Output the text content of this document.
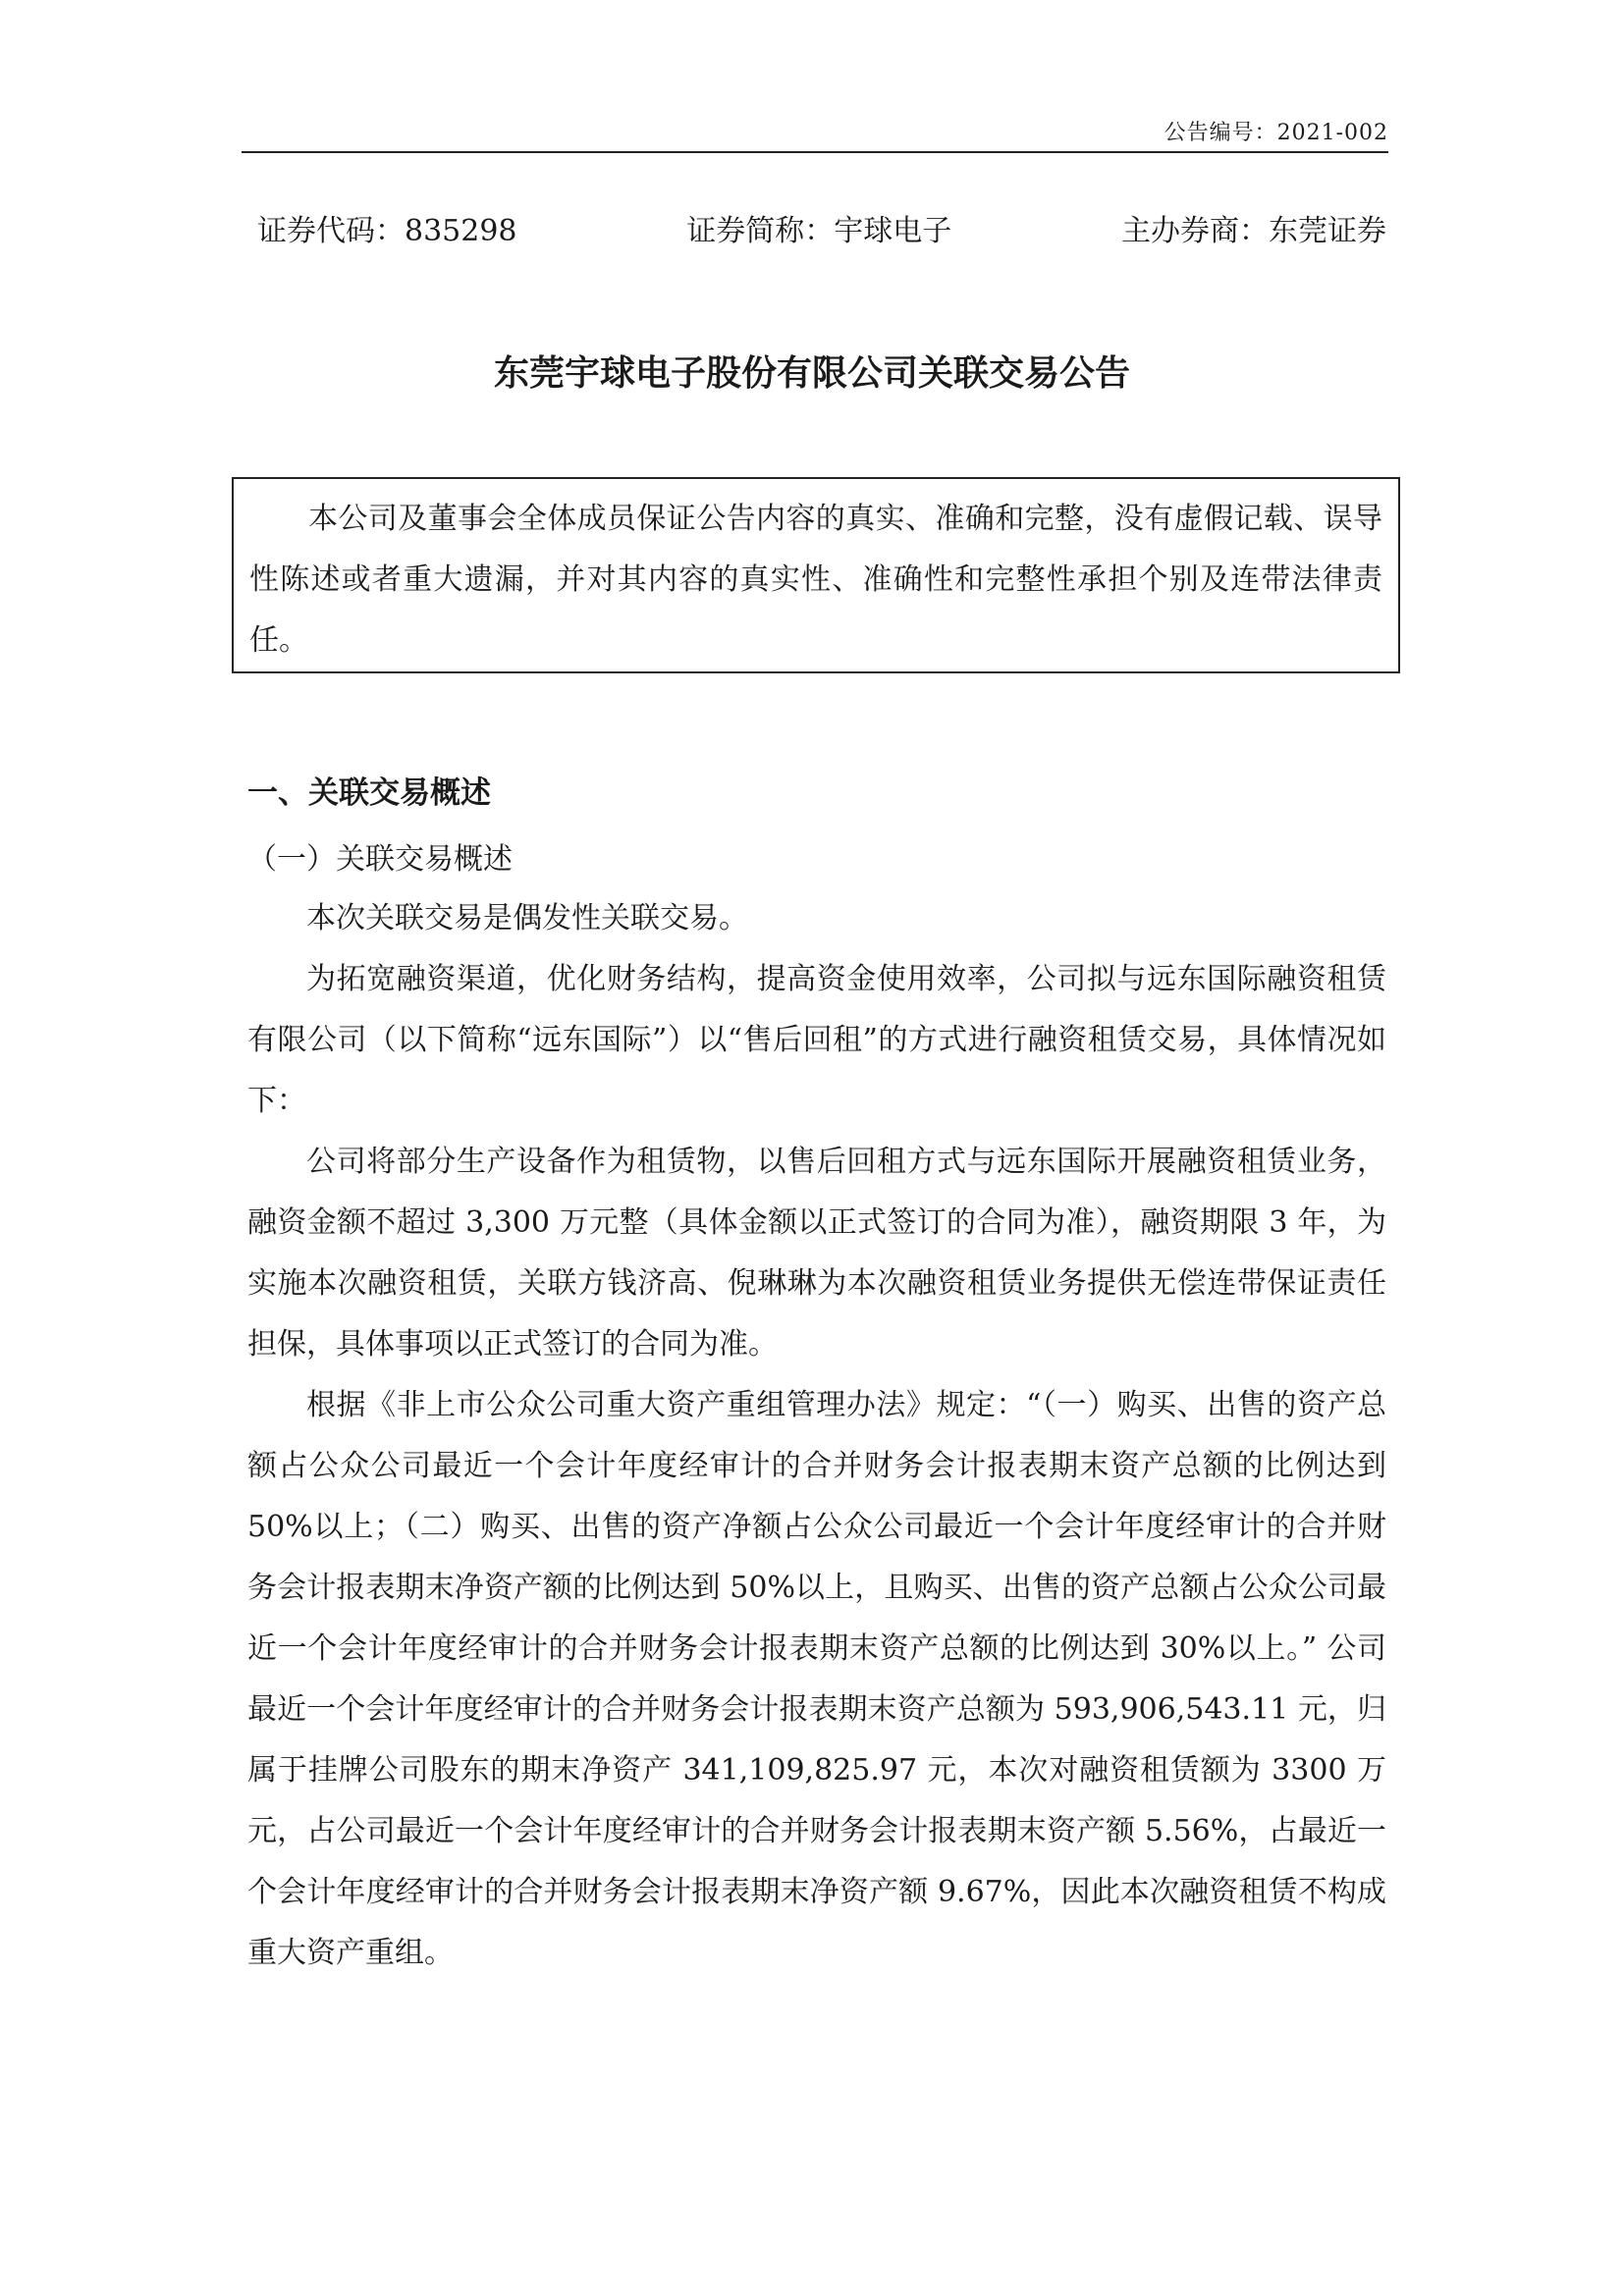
公告编号：2021-002
证券代码：835298	证券简称：宇球电子	主办券商：东莞证券
东莞宇球电子股份有限公司关联交易公告
本公司及董事会全体成员保证公告内容的真实、准确和完整，没有虚假记载、误导性陈述或者重大遗漏，并对其内容的真实性、准确性和完整性承担个别及连带法律责任。
一、关联交易概述
（一）关联交易概述

本次关联交易是偶发性关联交易。

为拓宽融资渠道，优化财务结构，提高资金使用效率，公司拟与远东国际融资租赁有限公司（以下简称“远东国际”）以“售后回租”的方式进行融资租赁交易，具体情况如下：

公司将部分生产设备作为租赁物，以售后回租方式与远东国际开展融资租赁业务，融资金额不超过 3,300 万元整（具体金额以正式签订的合同为准），融资期限 3 年，为实施本次融资租赁，关联方钱济高、倪琳琳为本次融资租赁业务提供无偿连带保证责任担保，具体事项以正式签订的合同为准。

根据《非上市公众公司重大资产重组管理办法》规定：“（一）购买、出售的资产总额占公众公司最近一个会计年度经审计的合并财务会计报表期末资产总额的比例达到 50%以上；（二）购买、出售的资产净额占公众公司最近一个会计年度经审计的合并财务会计报表期末净资产额的比例达到 50%以上，且购买、出售的资产总额占公众公司最近一个会计年度经审计的合并财务会计报表期末资产总额的比例达到 30%以上。” 公司最近一个会计年度经审计的合并财务会计报表期末资产总额为 593,906,543.11 元，归属于挂牌公司股东的期末净资产 341,109,825.97 元，本次对融资租赁额为 3300 万元，占公司最近一个会计年度经审计的合并财务会计报表期末资产额 5.56%，占最近一个会计年度经审计的合并财务会计报表期末净资产额 9.67%，因此本次融资租赁不构成重大资产重组。
